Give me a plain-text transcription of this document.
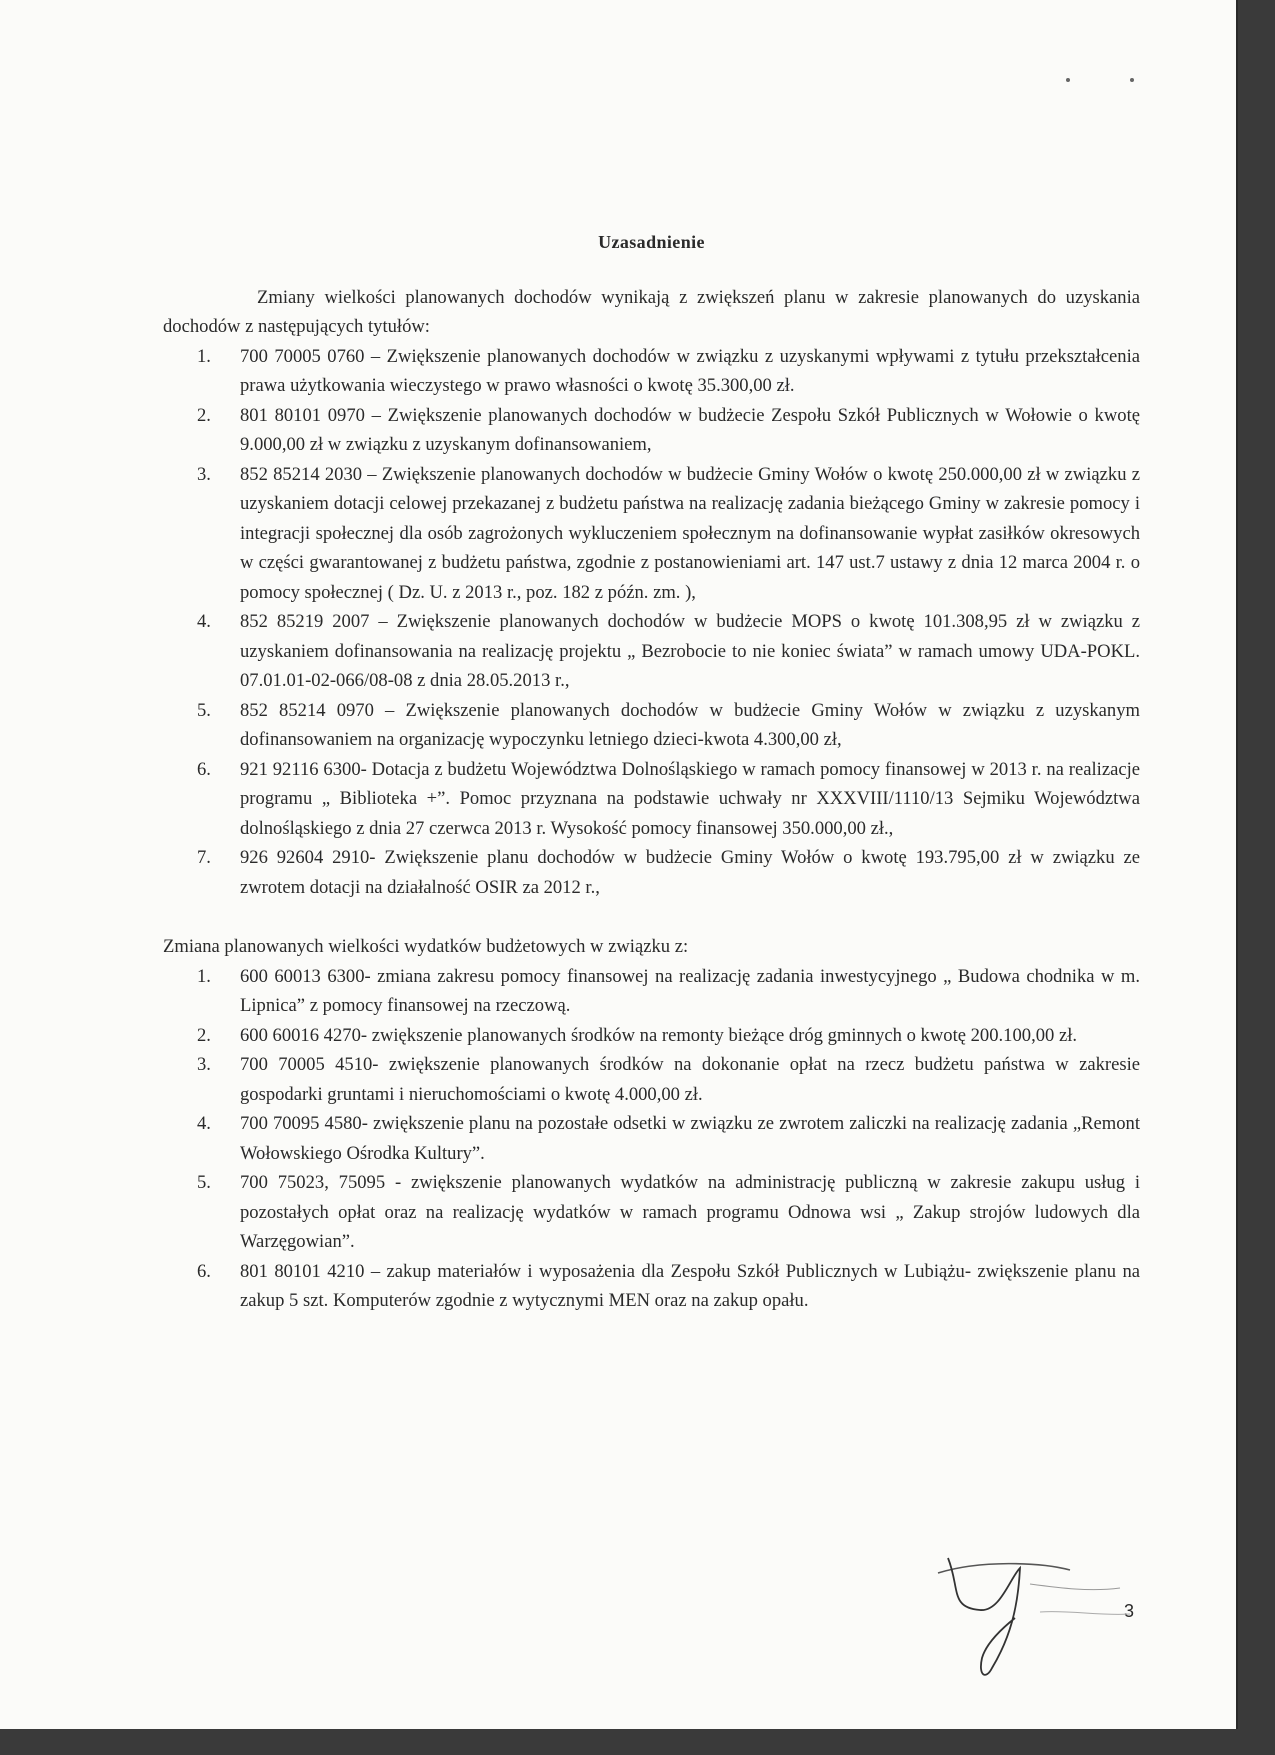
Uzasadnienie

Zmiany wielkości planowanych dochodów wynikają z zwiększeń planu w zakresie planowanych do uzyskania dochodów z następujących tytułów:

1. 700 70005 0760 – Zwiększenie planowanych dochodów w związku z uzyskanymi wpływami z tytułu przekształcenia prawa użytkowania wieczystego w prawo własności o kwotę 35.300,00 zł.
2. 801 80101 0970 – Zwiększenie planowanych dochodów w budżecie Zespołu Szkół Publicznych w Wołowie o kwotę 9.000,00 zł w związku z uzyskanym dofinansowaniem,
3. 852 85214 2030 – Zwiększenie planowanych dochodów w budżecie Gminy Wołów o kwotę 250.000,00 zł w związku z uzyskaniem dotacji celowej przekazanej z budżetu państwa na realizację zadania bieżącego Gminy w zakresie pomocy i integracji społecznej dla osób zagrożonych wykluczeniem społecznym na dofinansowanie wypłat zasiłków okresowych w części gwarantowanej z budżetu państwa, zgodnie z postanowieniami art. 147 ust.7 ustawy z dnia 12 marca 2004 r. o pomocy społecznej ( Dz. U. z 2013 r., poz. 182 z późn. zm. ),
4. 852 85219 2007 – Zwiększenie planowanych dochodów w budżecie MOPS o kwotę 101.308,95 zł w związku z uzyskaniem dofinansowania na realizację projektu „ Bezrobocie to nie koniec świata” w ramach umowy UDA-POKL. 07.01.01-02-066/08-08 z dnia 28.05.2013 r.,
5. 852 85214 0970 – Zwiększenie planowanych dochodów w budżecie Gminy Wołów w związku z uzyskanym dofinansowaniem na organizację wypoczynku letniego dzieci-kwota 4.300,00 zł,
6. 921 92116 6300- Dotacja z budżetu Województwa Dolnośląskiego w ramach pomocy finansowej w 2013 r. na realizacje programu „ Biblioteka +”. Pomoc przyznana na podstawie uchwały nr XXXVIII/1110/13 Sejmiku Województwa dolnośląskiego z dnia 27 czerwca 2013 r. Wysokość pomocy finansowej 350.000,00 zł.,
7. 926 92604 2910- Zwiększenie planu dochodów w budżecie Gminy Wołów o kwotę 193.795,00 zł w związku ze zwrotem dotacji na działalność OSIR za 2012 r.,

Zmiana planowanych wielkości wydatków budżetowych w związku z:

1. 600 60013 6300- zmiana zakresu pomocy finansowej na realizację zadania inwestycyjnego „ Budowa chodnika w m. Lipnica” z pomocy finansowej na rzeczową.
2. 600 60016 4270- zwiększenie planowanych środków na remonty bieżące dróg gminnych o kwotę 200.100,00 zł.
3. 700 70005 4510- zwiększenie planowanych środków na dokonanie opłat na rzecz budżetu państwa w zakresie gospodarki gruntami i nieruchomościami o kwotę 4.000,00 zł.
4. 700 70095 4580- zwiększenie planu na pozostałe odsetki w związku ze zwrotem zaliczki na realizację zadania „Remont Wołowskiego Ośrodka Kultury”.
5. 700 75023, 75095 - zwiększenie planowanych wydatków na administrację publiczną w zakresie zakupu usług i pozostałych opłat oraz na realizację wydatków w ramach programu Odnowa wsi „ Zakup strojów ludowych dla Warzęgowian”.
6. 801 80101 4210 – zakup materiałów i wyposażenia dla Zespołu Szkół Publicznych w Lubiążu- zwiększenie planu na zakup 5 szt. Komputerów zgodnie z wytycznymi MEN oraz na zakup opału.
3
